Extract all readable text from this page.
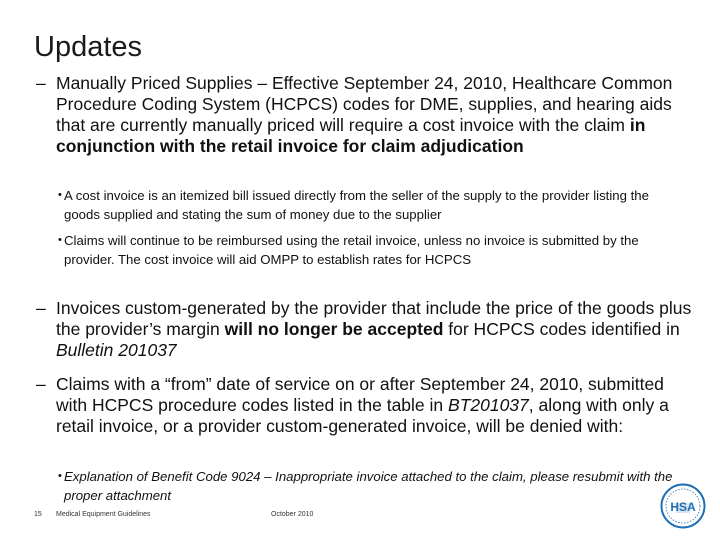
Updates
– Manually Priced Supplies – Effective September 24, 2010, Healthcare Common Procedure Coding System (HCPCS) codes for DME, supplies, and hearing aids that are currently manually priced will require a cost invoice with the claim in conjunction with the retail invoice for claim adjudication
• A cost invoice is an itemized bill issued directly from the seller of the supply to the provider listing the goods supplied and stating the sum of money due to the supplier
• Claims will continue to be reimbursed using the retail invoice, unless no invoice is submitted by the provider. The cost invoice will aid OMPP to establish rates for HCPCS
– Invoices custom-generated by the provider that include the price of the goods plus the provider’s margin will no longer be accepted for HCPCS codes identified in Bulletin 201037
– Claims with a “from” date of service on or after September 24, 2010, submitted with HCPCS procedure codes listed in the table in BT201037, along with only a retail invoice, or a provider custom-generated invoice, will be denied with:
• Explanation of Benefit Code 9024 – Inappropriate invoice attached to the claim, please resubmit with the proper attachment
15 Medical Equipment Guidelines	October 2010
HSA
